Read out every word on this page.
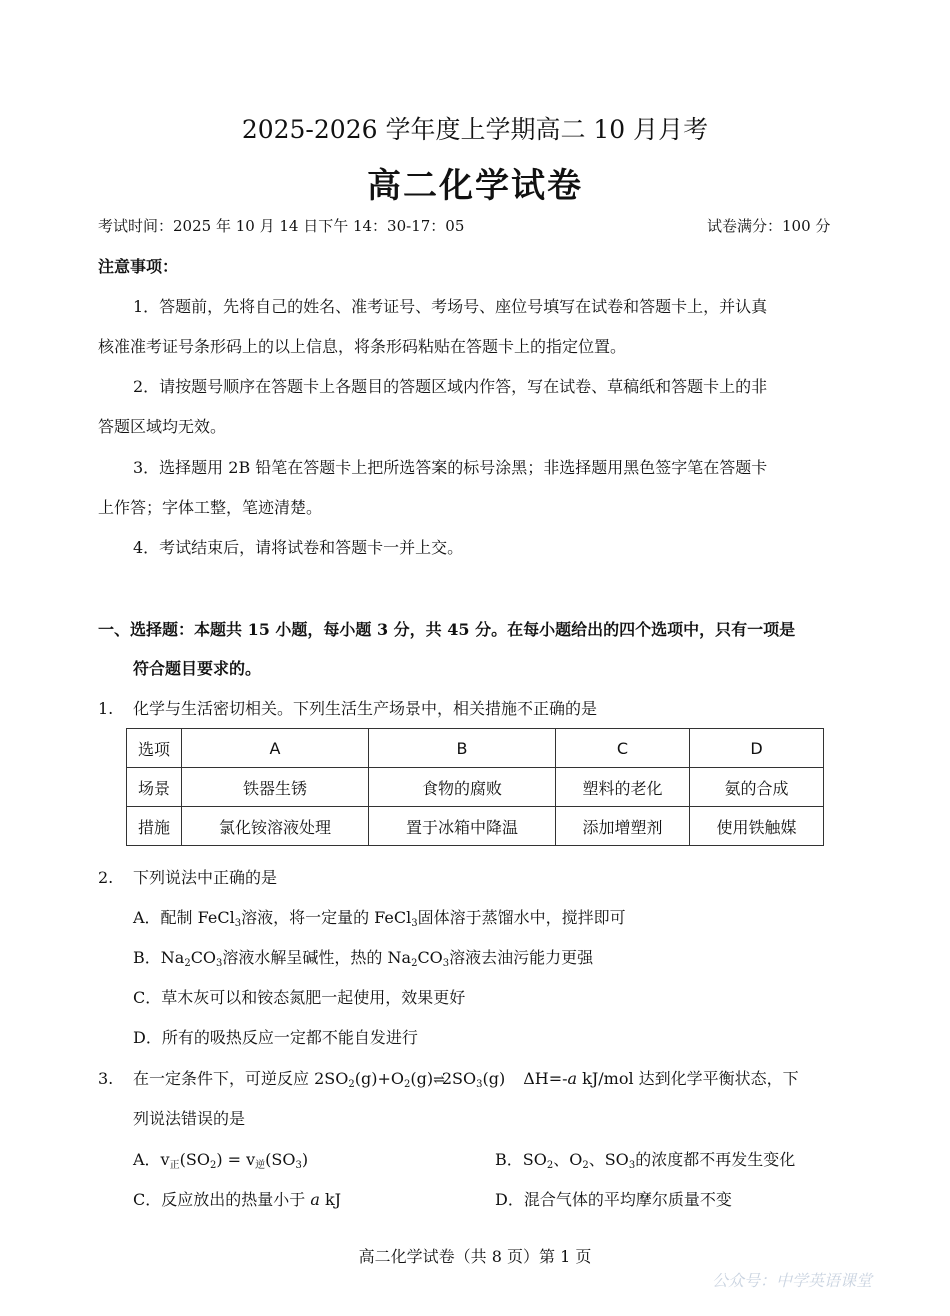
2025-2026 学年度上学期高二 10 月月考
高二化学试卷
考试时间：2025 年 10 月 14 日下午 14：30-17：05	试卷满分：100 分
注意事项：
1．答题前，先将自己的姓名、准考证号、考场号、座位号填写在试卷和答题卡上，并认真
核准准考证号条形码上的以上信息，将条形码粘贴在答题卡上的指定位置。
2．请按题号顺序在答题卡上各题目的答题区域内作答，写在试卷、草稿纸和答题卡上的非
答题区域均无效。
3．选择题用 2B 铅笔在答题卡上把所选答案的标号涂黑；非选择题用黑色签字笔在答题卡
上作答；字体工整，笔迹清楚。
4．考试结束后，请将试卷和答题卡一并上交。
一、选择题：本题共 15 小题，每小题 3 分，共 45 分。在每小题给出的四个选项中，只有一项是
符合题目要求的。
1. 化学与生活密切相关。下列生活生产场景中，相关措施不正确的是
选项	A	B	C	D
场景	铁器生锈	食物的腐败	塑料的老化	氨的合成
措施	氯化铵溶液处理	置于冰箱中降温	添加增塑剂	使用铁触媒
2. 下列说法中正确的是
A．配制 FeCl$_3$溶液，将一定量的 FeCl$_3$固体溶于蒸馏水中，搅拌即可
B．$Na_2CO_3$溶液水解呈碱性，热的 $Na_2CO_3$溶液去油污能力更强
C．草木灰可以和铵态氮肥一起使用，效果更好
D．所有的吸热反应一定都不能自发进行
3. 在一定条件下，可逆反应 $2SO_2(g)+O_2(g)\rightleftharpoons 2SO_3(g)$ ΔH=-a kJ/mol 达到化学平衡状态，下
列说法错误的是
A．$v_正(SO_2) = v_逆(SO_3)$	B．$SO_2$、$O_2$、$SO_3$的浓度都不再发生变化
C．反应放出的热量小于 a kJ	D．混合气体的平均摩尔质量不变
高二化学试卷（共 8 页）第 1 页
公众号：中学英语课堂
